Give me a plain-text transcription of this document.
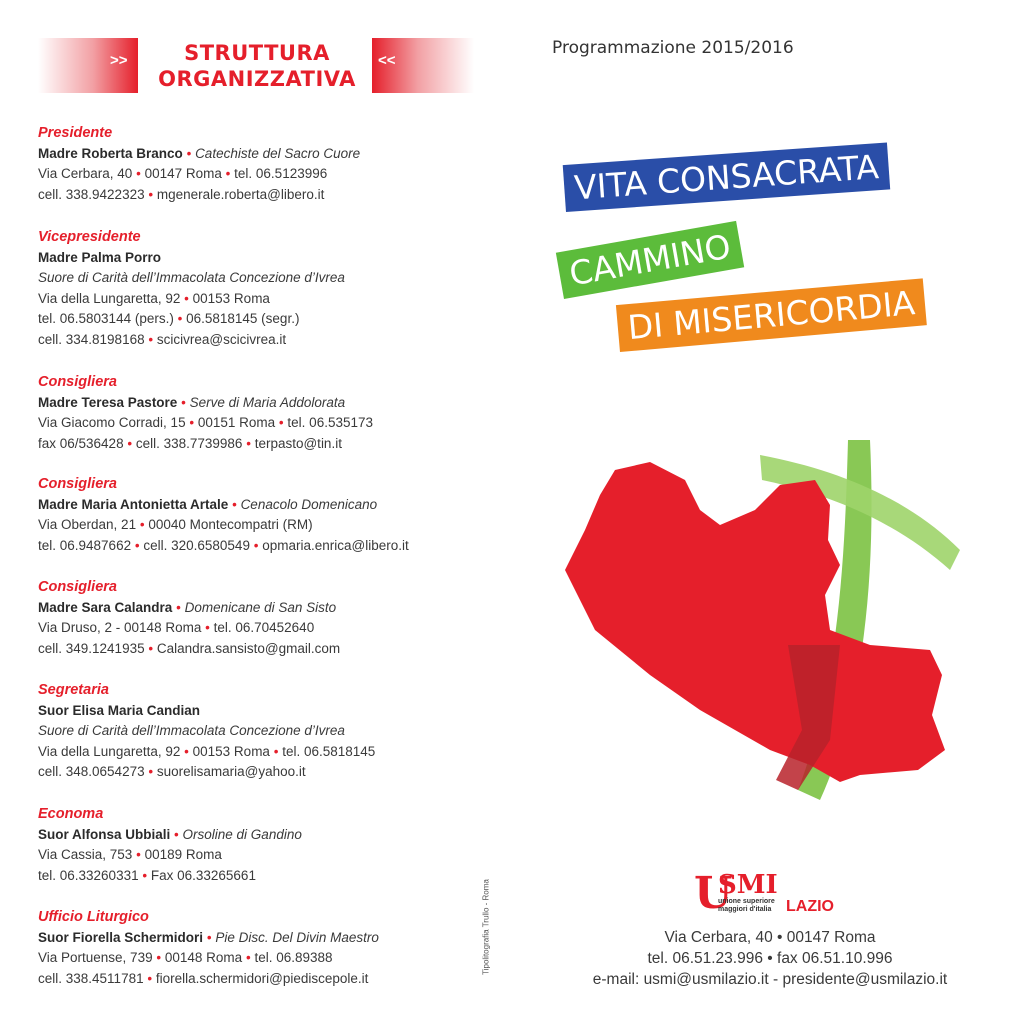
>>	<<
STRUTTURA
ORGANIZZATIVA
Presidente
Madre Roberta Branco • Catechiste del Sacro Cuore
Via Cerbara, 40 • 00147 Roma • tel. 06.5123996
cell. 338.9422323 • mgenerale.roberta@libero.it
Vicepresidente
Madre Palma Porro
Suore di Carità dell’Immacolata Concezione d’Ivrea
Via della Lungaretta, 92 • 00153 Roma
tel. 06.5803144 (pers.) • 06.5818145 (segr.)
cell. 334.8198168 • scicivrea@scicivrea.it
Consigliera
Madre Teresa Pastore • Serve di Maria Addolorata
Via Giacomo Corradi, 15 • 00151 Roma • tel. 06.535173
fax 06/536428 • cell. 338.7739986 • terpasto@tin.it
Consigliera
Madre Maria Antonietta Artale • Cenacolo Domenicano
Via Oberdan, 21 • 00040 Montecompatri (RM)
tel. 06.9487662 • cell. 320.6580549 • opmaria.enrica@libero.it
Consigliera
Madre Sara Calandra • Domenicane di San Sisto
Via Druso, 2 - 00148 Roma • tel. 06.70452640
cell. 349.1241935 • Calandra.sansisto@gmail.com
Segretaria
Suor Elisa Maria Candian
Suore di Carità dell’Immacolata Concezione d’Ivrea
Via della Lungaretta, 92 • 00153 Roma • tel. 06.5818145
cell. 348.0654273 • suorelisamaria@yahoo.it
Economa
Suor Alfonsa Ubbiali • Orsoline di Gandino
Via Cassia, 753 • 00189 Roma
tel. 06.33260331 • Fax 06.33265661
Ufficio Liturgico
Suor Fiorella Schermidori • Pie Disc. Del Divin Maestro
Via Portuense, 739 • 00148 Roma • tel. 06.89388
cell. 338.4511781 • fiorella.schermidori@piediscepole.it
Tipolitografia Trullo - Roma
Programmazione 2015/2016
VITA CONSACRATA
CAMMINO
DI MISERICORDIA
U
SMI
unione superiore
maggiori d'italia LAZIO
Via Cerbara, 40 • 00147 Roma
tel. 06.51.23.996 • fax 06.51.10.996
e-mail: usmi@usmilazio.it - presidente@usmilazio.it
